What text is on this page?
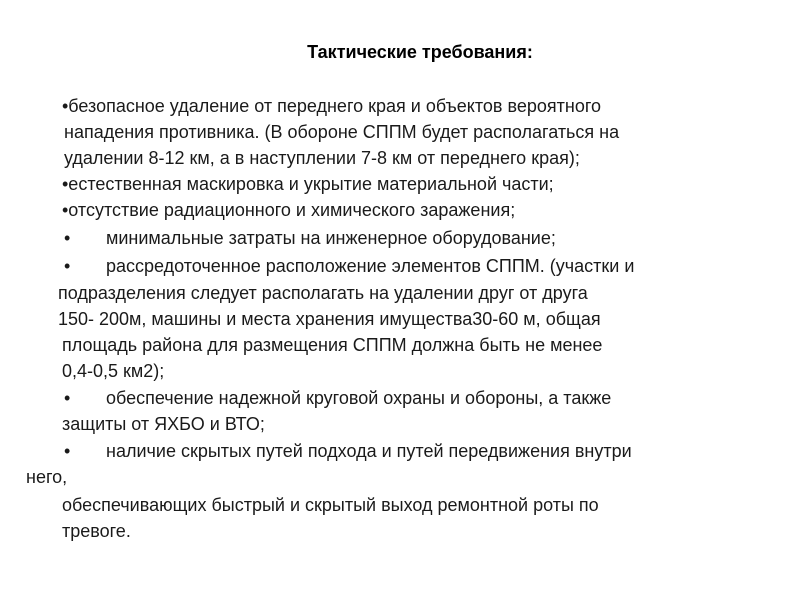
Тактические требования:
•безопасное удаление от переднего края и объектов вероятного
нападения противника. (В обороне СППМ будет располагаться на
удалении 8-12 км, а в наступлении 7-8 км от переднего края);
•естественная маскировка и укрытие материальной части;
•отсутствие радиационного и химического заражения;
• минимальные затраты на инженерное оборудование;
• рассредоточенное расположение элементов СППМ. (участки и
подразделения следует располагать на удалении друг от друга
150- 200м, машины и места хранения имущества30-60 м, общая
площадь района для размещения СППМ должна быть не менее
0,4-0,5 км2);
• обеспечение надежной круговой охраны и обороны, а также
защиты от ЯХБО и ВТО;
• наличие скрытых путей подхода и путей передвижения внутри
него,
обеспечивающих быстрый и скрытый выход ремонтной роты по
тревоге.
